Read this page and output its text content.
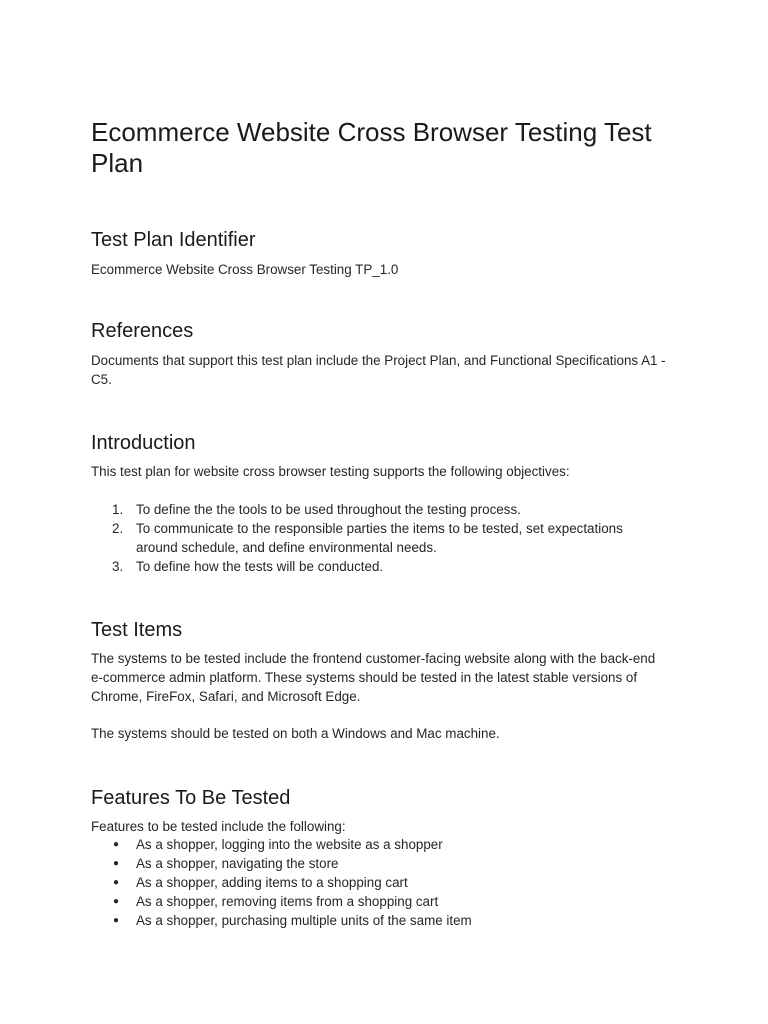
Ecommerce Website Cross Browser Testing Test Plan
Test Plan Identifier

Ecommerce Website Cross Browser Testing TP_1.0

References

Documents that support this test plan include the Project Plan, and Functional Specifications A1 - C5.

Introduction

This test plan for website cross browser testing supports the following objectives:

1. To define the the tools to be used throughout the testing process.
2. To communicate to the responsible parties the items to be tested, set expectations around schedule, and define environmental needs.
3. To define how the tests will be conducted.
Test Items

The systems to be tested include the frontend customer-facing website along with the back-end e-commerce admin platform. These systems should be tested in the latest stable versions of Chrome, FireFox, Safari, and Microsoft Edge.

The systems should be tested on both a Windows and Mac machine.

Features To Be Tested

Features to be tested include the following:

● As a shopper, logging into the website as a shopper
● As a shopper, navigating the store
● As a shopper, adding items to a shopping cart
● As a shopper, removing items from a shopping cart
● As a shopper, purchasing multiple units of the same item
